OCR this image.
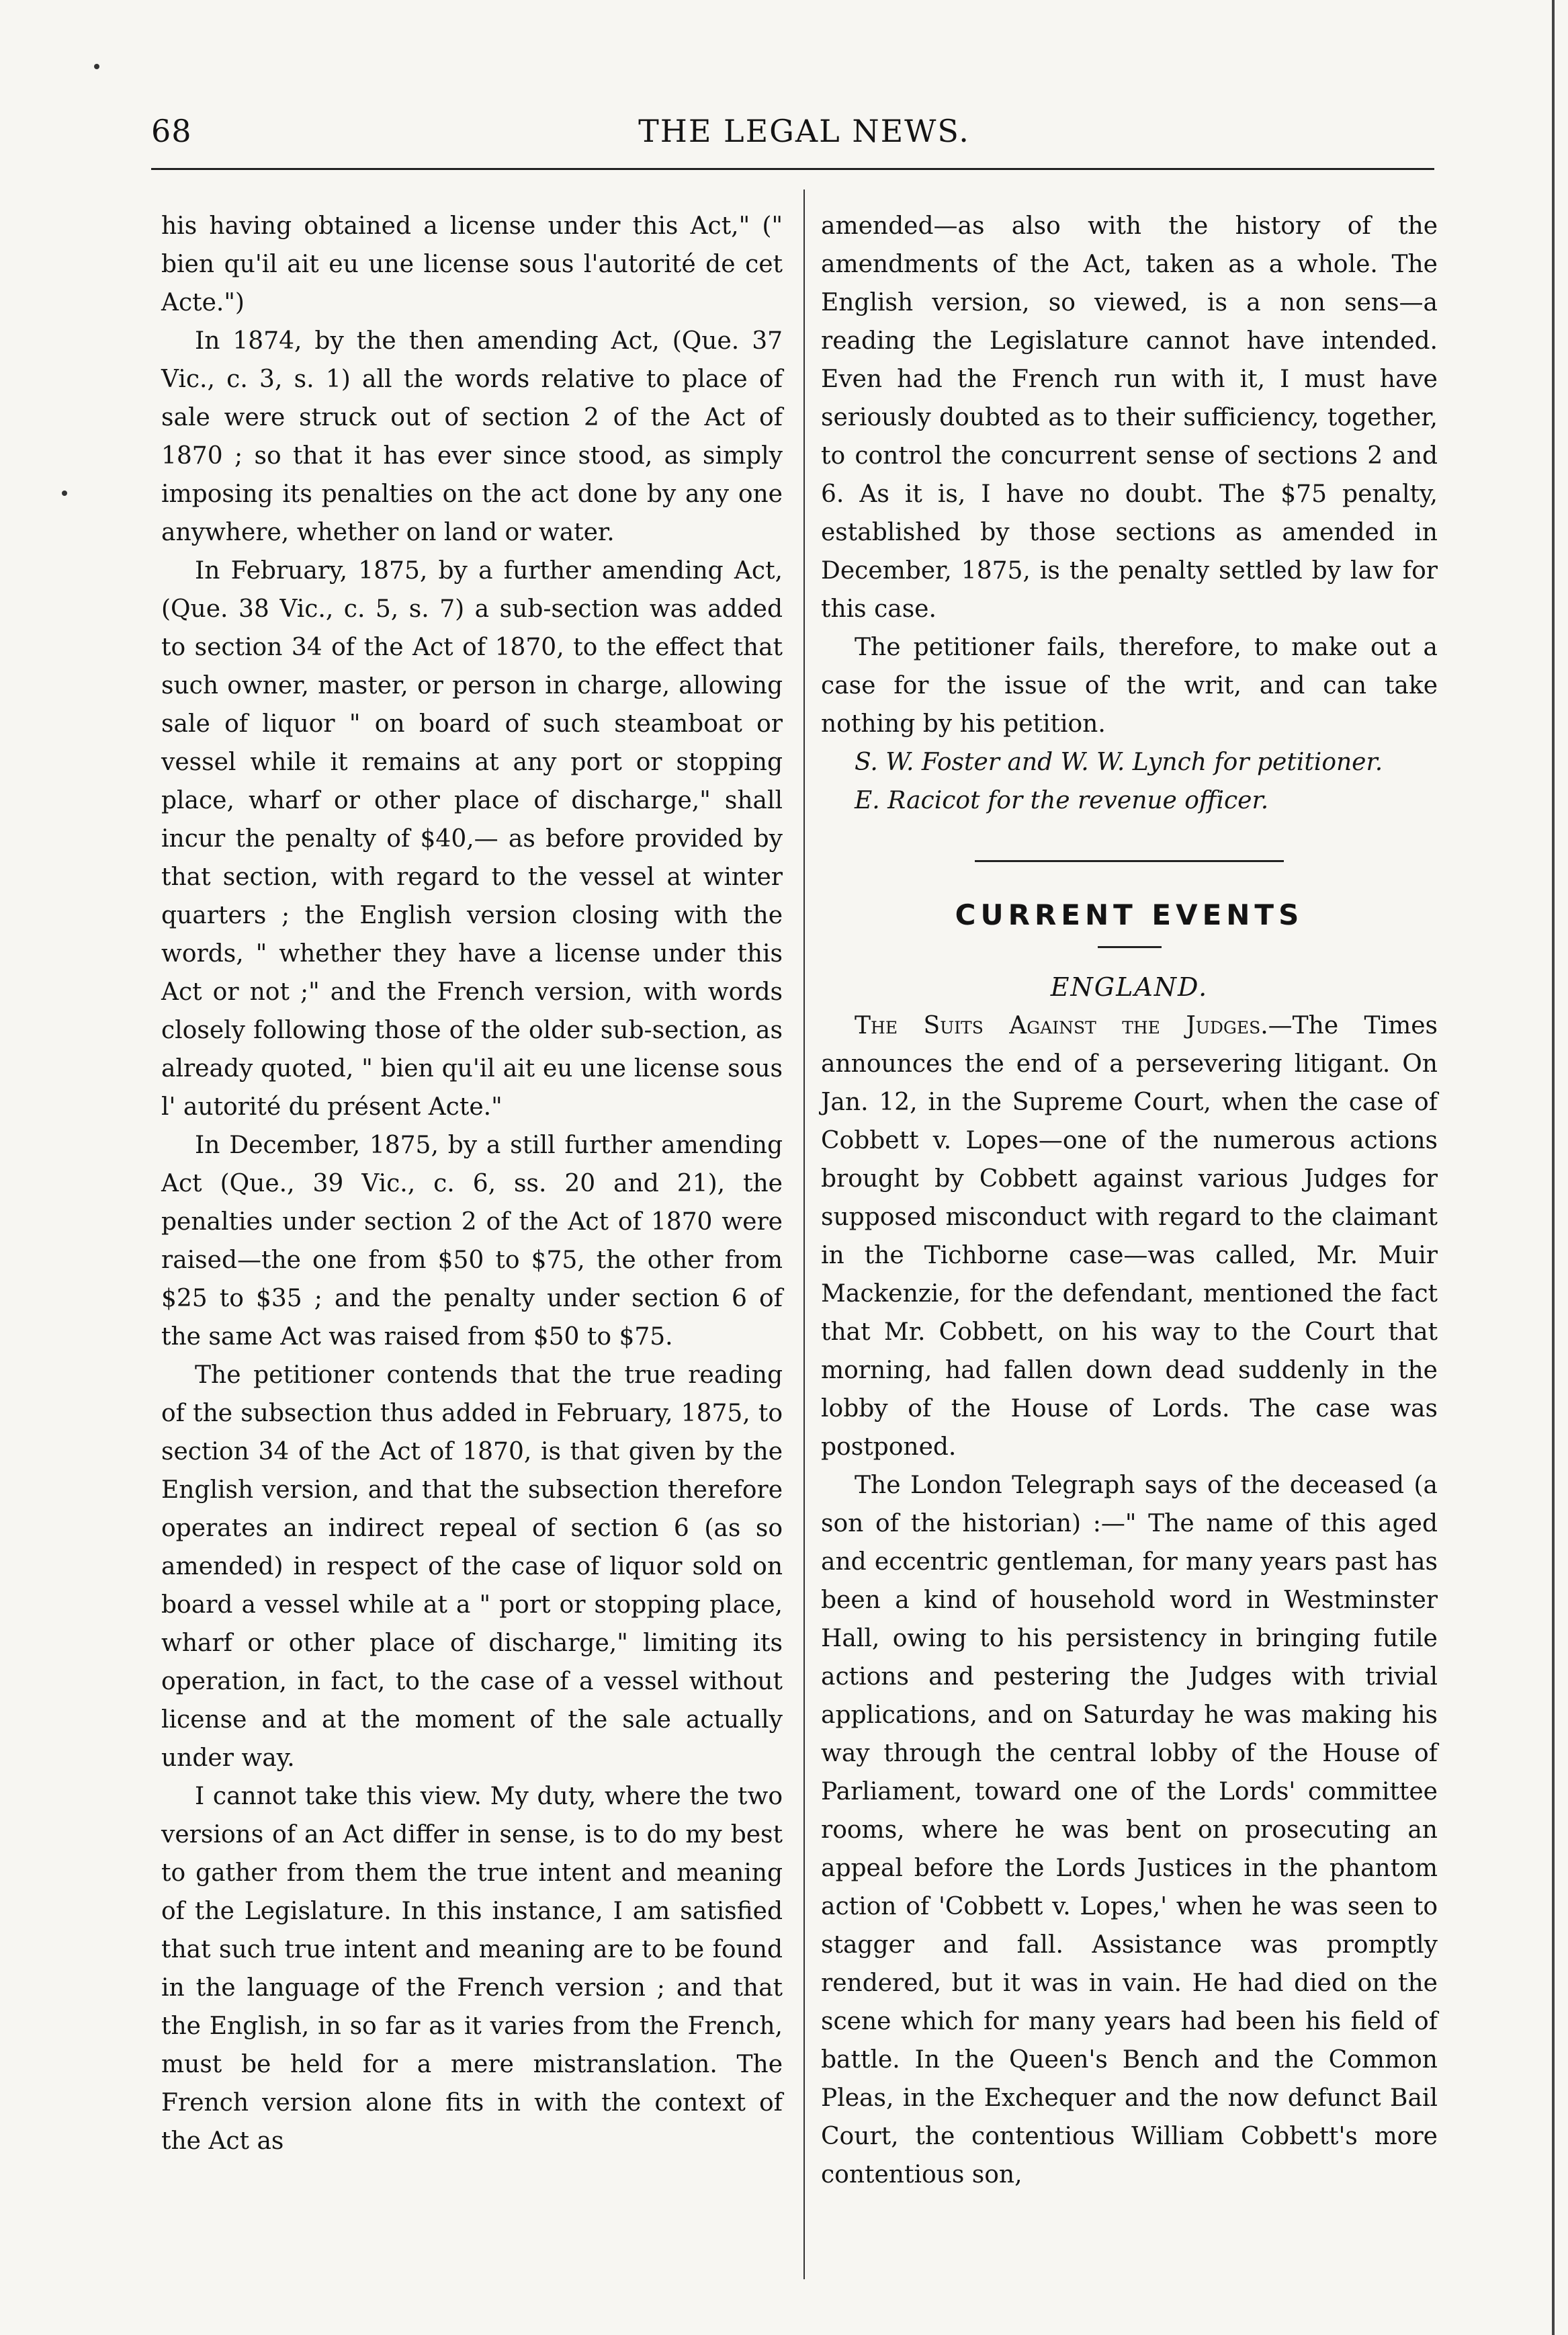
68	THE LEGAL NEWS.

his having obtained a license under this Act," (" bien qu'il ait eu une license sous l'autorité de cet Acte.")

In 1874, by the then amending Act, (Que. 37 Vic., c. 3, s. 1) all the words relative to place of sale were struck out of section 2 of the Act of 1870 ; so that it has ever since stood, as simply imposing its penalties on the act done by any one anywhere, whether on land or water.

In February, 1875, by a further amending Act, (Que. 38 Vic., c. 5, s. 7) a sub-section was added to section 34 of the Act of 1870, to the effect that such owner, master, or person in charge, allowing sale of liquor " on board of such steamboat or vessel while it remains at any port or stopping place, wharf or other place of discharge," shall incur the penalty of $40,— as before provided by that section, with regard to the vessel at winter quarters ; the English version closing with the words, " whether they have a license under this Act or not ;" and the French version, with words closely following those of the older sub-section, as already quoted, " bien qu'il ait eu une license sous l' autorité du présent Acte."

In December, 1875, by a still further amending Act (Que., 39 Vic., c. 6, ss. 20 and 21), the penalties under section 2 of the Act of 1870 were raised—the one from $50 to $75, the other from $25 to $35 ; and the penalty under section 6 of the same Act was raised from $50 to $75.

The petitioner contends that the true reading of the subsection thus added in February, 1875, to section 34 of the Act of 1870, is that given by the English version, and that the subsection therefore operates an indirect repeal of section 6 (as so amended) in respect of the case of liquor sold on board a vessel while at a " port or stopping place, wharf or other place of discharge," limiting its operation, in fact, to the case of a vessel without license and at the moment of the sale actually under way.

I cannot take this view. My duty, where the two versions of an Act differ in sense, is to do my best to gather from them the true intent and meaning of the Legislature. In this instance, I am satisfied that such true intent and meaning are to be found in the language of the French version ; and that the English, in so far as it varies from the French, must be held for a mere mistranslation. The French version alone fits in with the context of the Act as

amended—as also with the history of the amendments of the Act, taken as a whole. The English version, so viewed, is a non sens—a reading the Legislature cannot have intended. Even had the French run with it, I must have seriously doubted as to their sufficiency, together, to control the concurrent sense of sections 2 and 6. As it is, I have no doubt. The $75 penalty, established by those sections as amended in December, 1875, is the penalty settled by law for this case.

The petitioner fails, therefore, to make out a case for the issue of the writ, and can take nothing by his petition.

S. W. Foster and W. W. Lynch for petitioner.

E. Racicot for the revenue officer.

CURRENT EVENTS

ENGLAND.

The Suits Against the Judges.—The Times announces the end of a persevering litigant. On Jan. 12, in the Supreme Court, when the case of Cobbett v. Lopes—one of the numerous actions brought by Cobbett against various Judges for supposed misconduct with regard to the claimant in the Tichborne case—was called, Mr. Muir Mackenzie, for the defendant, mentioned the fact that Mr. Cobbett, on his way to the Court that morning, had fallen down dead suddenly in the lobby of the House of Lords. The case was postponed.

The London Telegraph says of the deceased (a son of the historian) :—" The name of this aged and eccentric gentleman, for many years past has been a kind of household word in Westminster Hall, owing to his persistency in bringing futile actions and pestering the Judges with trivial applications, and on Saturday he was making his way through the central lobby of the House of Parliament, toward one of the Lords' committee rooms, where he was bent on prosecuting an appeal before the Lords Justices in the phantom action of 'Cobbett v. Lopes,' when he was seen to stagger and fall. Assistance was promptly rendered, but it was in vain. He had died on the scene which for many years had been his field of battle. In the Queen's Bench and the Common Pleas, in the Exchequer and the now defunct Bail Court, the contentious William Cobbett's more contentious son,
